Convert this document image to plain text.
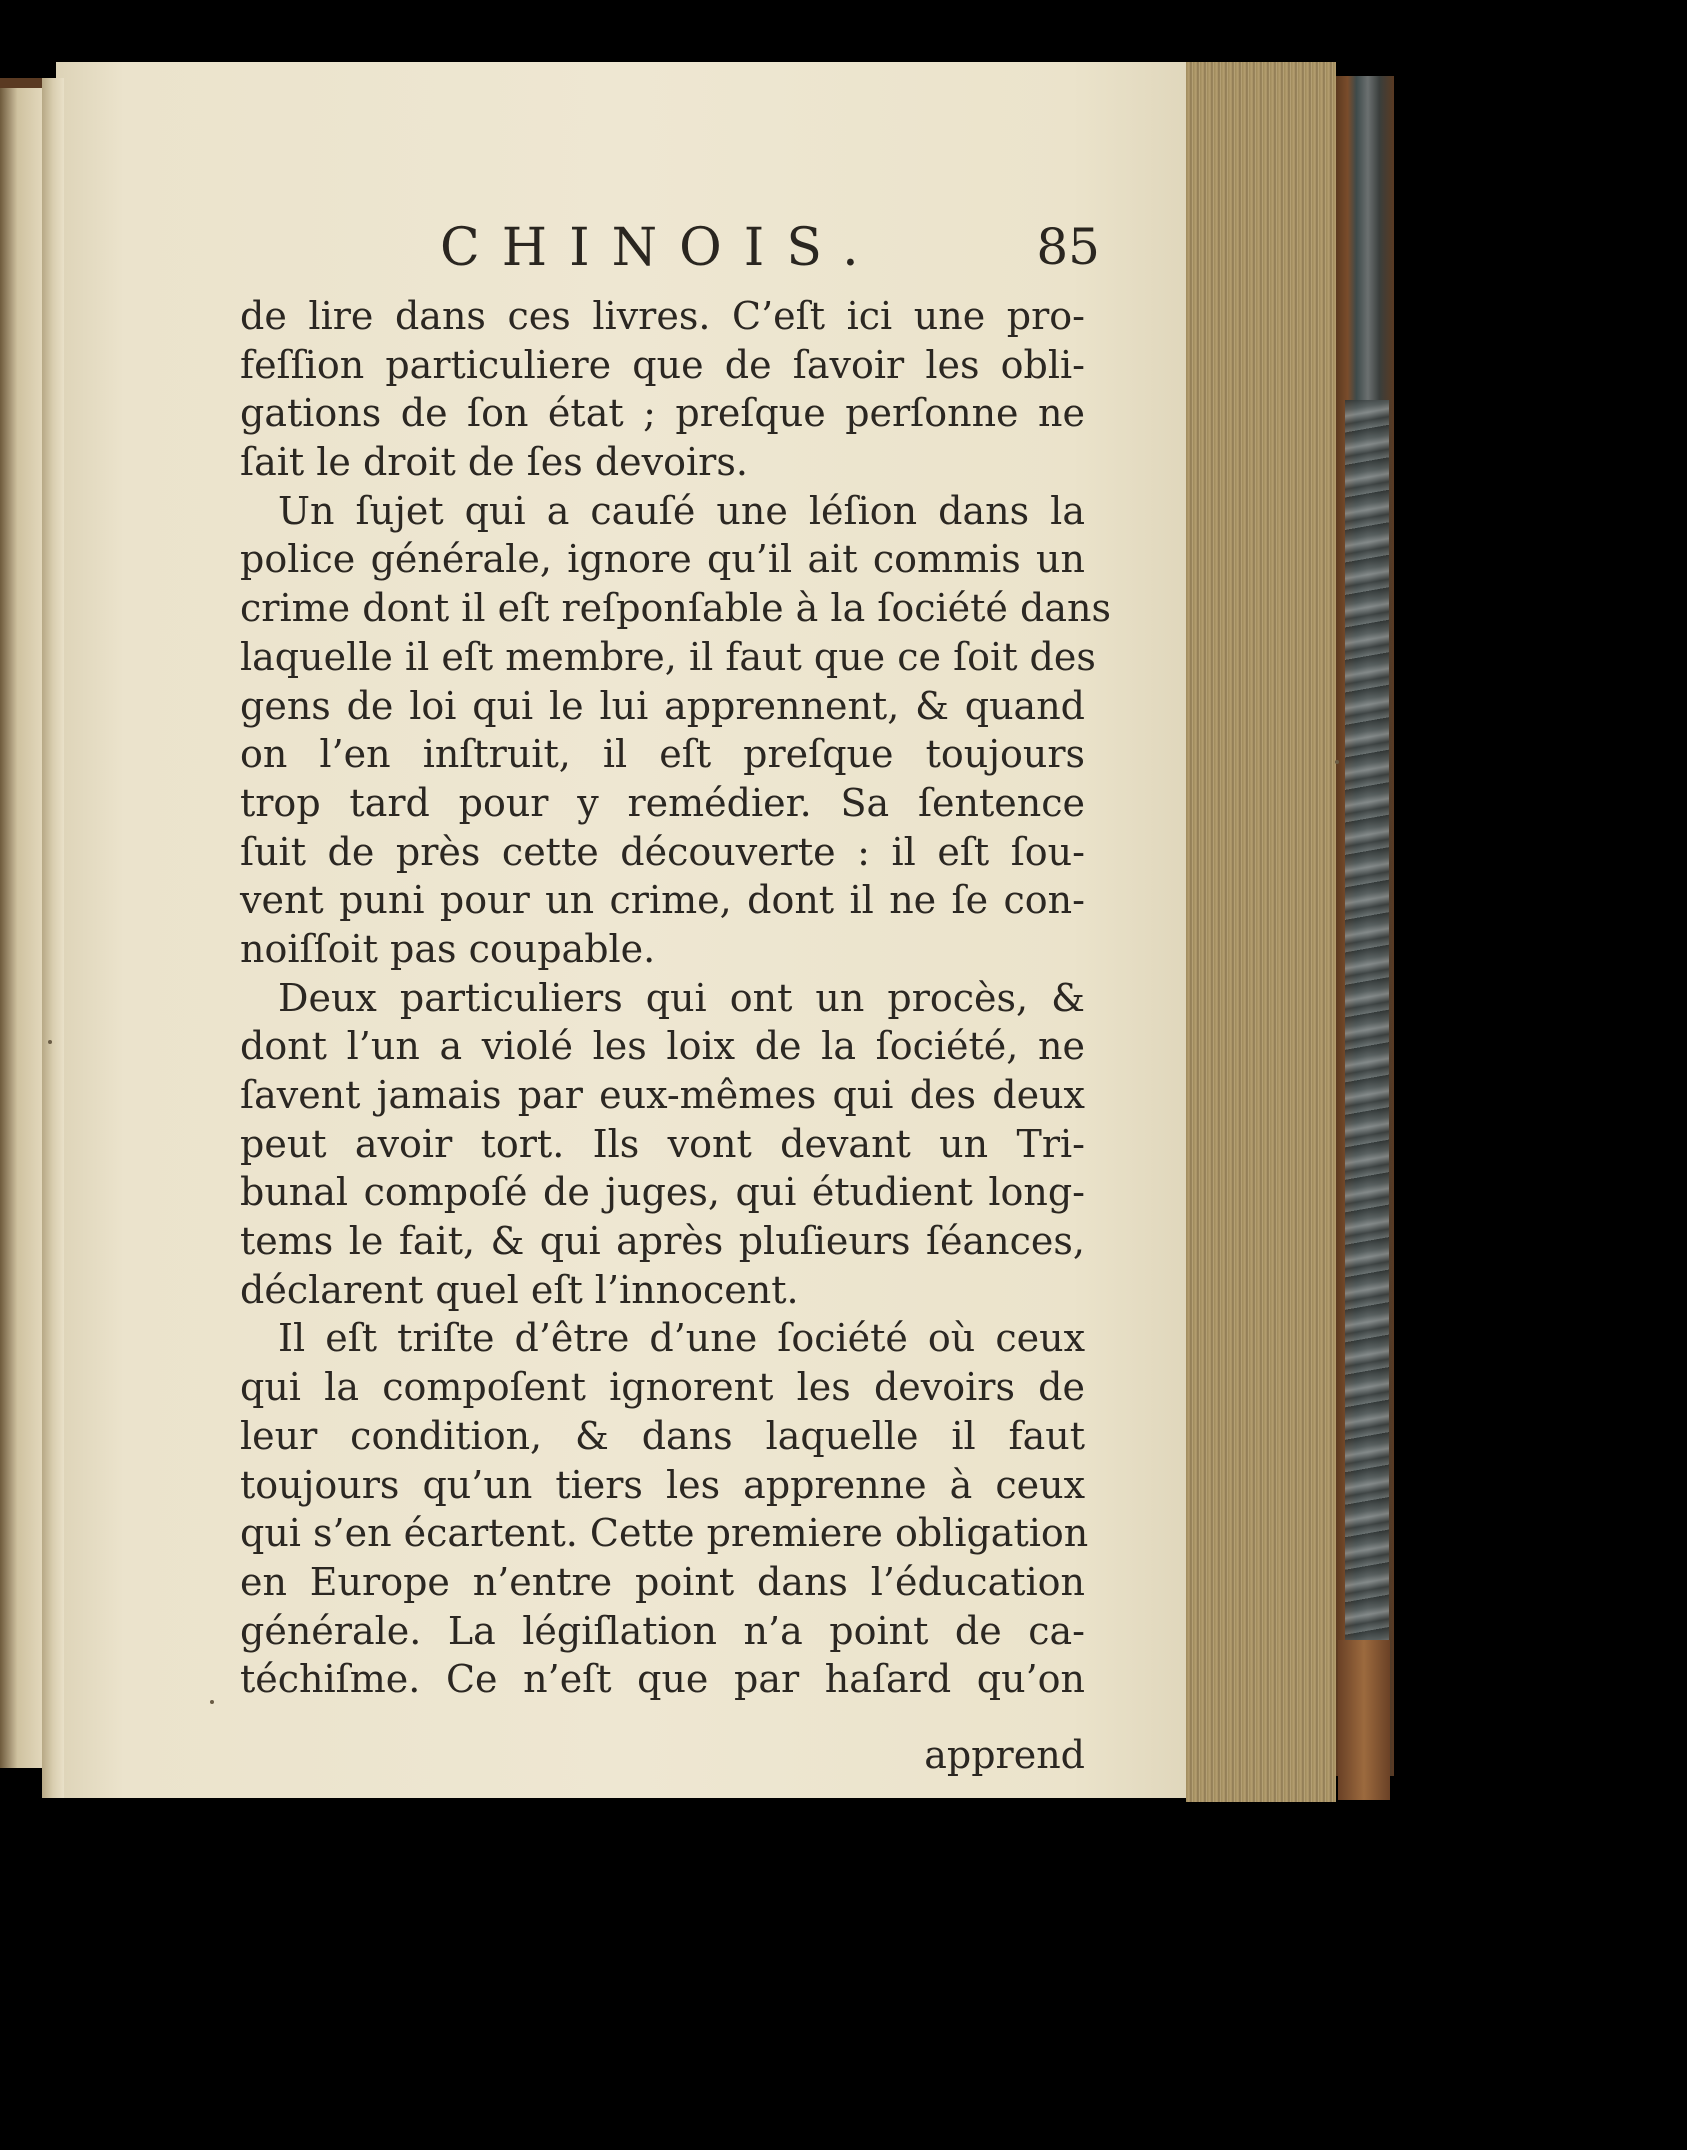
CHINOIS.	85
de lire dans ces livres. C’eſt ici une pro-
feſſion particuliere que de ſavoir les obli-
gations de ſon état ; preſque perſonne ne
ſait le droit de ſes devoirs.
Un ſujet qui a cauſé une léſion dans la
police générale, ignore qu’il ait commis un
crime dont il eſt reſponſable à la ſociété dans
laquelle il eſt membre, il faut que ce ſoit des
gens de loi qui le lui apprennent, & quand
on l’en inſtruit, il eſt preſque toujours
trop tard pour y remédier. Sa ſentence
ſuit de près cette découverte : il eſt ſou-
vent puni pour un crime, dont il ne ſe con-
noiſſoit pas coupable.
Deux particuliers qui ont un procès, &
dont l’un a violé les loix de la ſociété, ne
ſavent jamais par eux-mêmes qui des deux
peut avoir tort. Ils vont devant un Tri-
bunal compoſé de juges, qui étudient long-
tems le fait, & qui après pluſieurs ſéances,
déclarent quel eſt l’innocent.
Il eſt triſte d’être d’une ſociété où ceux
qui la compoſent ignorent les devoirs de
leur condition, & dans laquelle il faut
toujours qu’un tiers les apprenne à ceux
qui s’en écartent. Cette premiere obligation
en Europe n’entre point dans l’éducation
générale. La légiſlation n’a point de ca-
téchiſme. Ce n’eſt que par haſard qu’on
apprend
